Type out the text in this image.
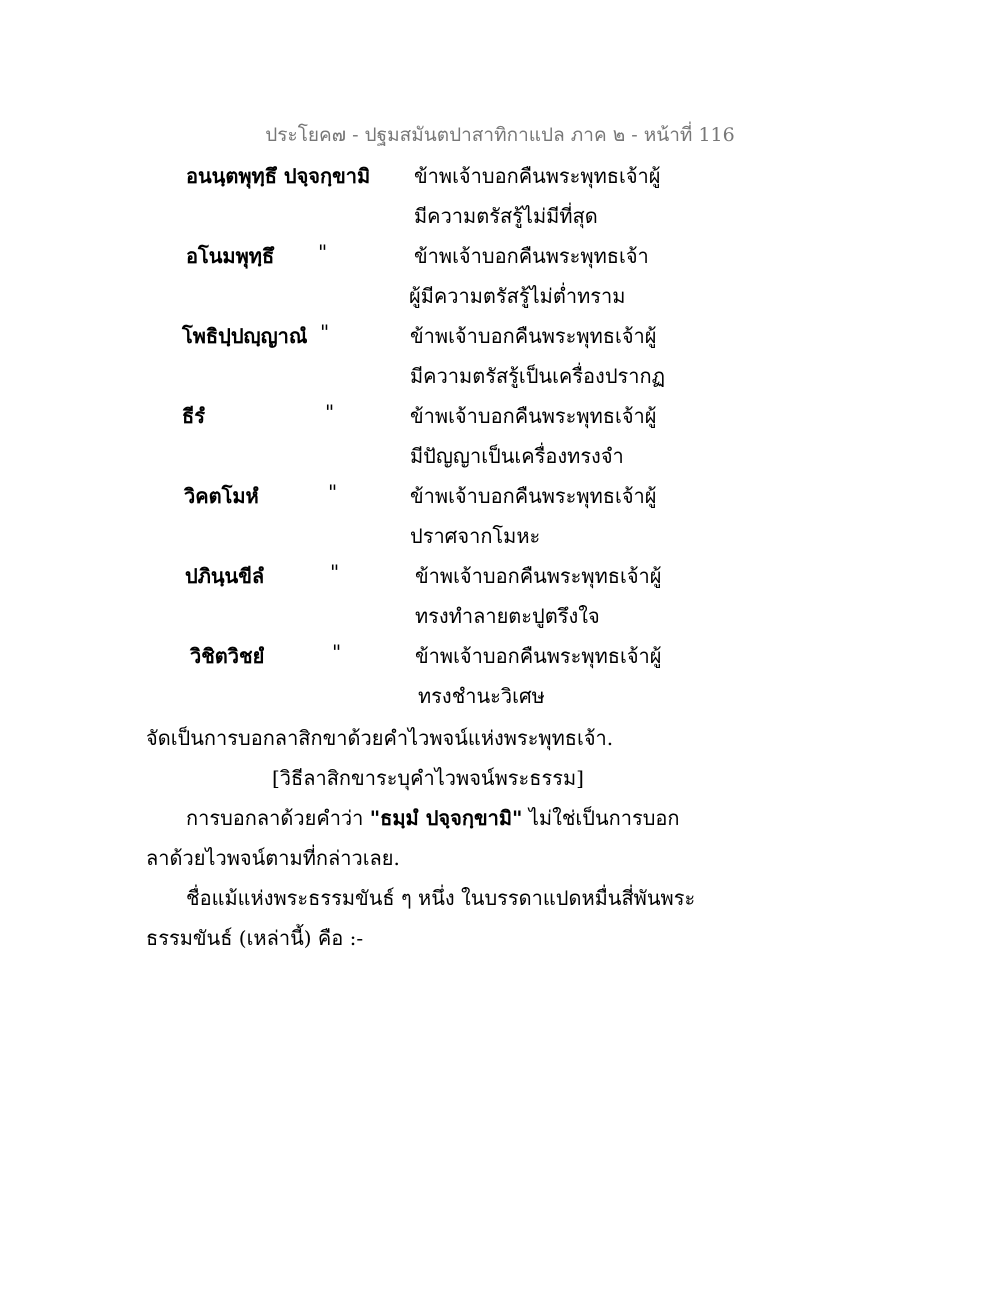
ประโยค๗ - ปฐมสมันตปาสาทิกาแปล ภาค ๒ - หน้าที่ 116
อนนฺตพุทฺธึ ปจฺจกฺขามิ ข้าพเจ้าบอกคืนพระพุทธเจ้าผู้
มีความตรัสรู้ไม่มีที่สุด
อโนมพุทฺธึ "	ข้าพเจ้าบอกคืนพระพุทธเจ้า
ผู้มีความตรัสรู้ไม่ต่ำทราม
โพธิปฺปญฺญาณํ "	ข้าพเจ้าบอกคืนพระพุทธเจ้าผู้
มีความตรัสรู้เป็นเครื่องปรากฏ
ธีรํ	"	ข้าพเจ้าบอกคืนพระพุทธเจ้าผู้
มีปัญญาเป็นเครื่องทรงจำ
วิคตโมหํ	"	ข้าพเจ้าบอกคืนพระพุทธเจ้าผู้
ปราศจากโมหะ
ปภินฺนขีลํ	"	ข้าพเจ้าบอกคืนพระพุทธเจ้าผู้
ทรงทำลายตะปูตรึงใจ
วิชิตวิชยํ	"	ข้าพเจ้าบอกคืนพระพุทธเจ้าผู้
ทรงชำนะวิเศษ
จัดเป็นการบอกลาสิกขาด้วยคำไวพจน์แห่งพระพุทธเจ้า.
[วิธีลาสิกขาระบุคำไวพจน์พระธรรม]
การบอกลาด้วยคำว่า "ธมฺมํ ปจฺจกฺขามิ" ไม่ใช่เป็นการบอก
ลาด้วยไวพจน์ตามที่กล่าวเลย.
ชื่อแม้แห่งพระธรรมขันธ์ ๆ หนึ่ง ในบรรดาแปดหมื่นสี่พันพระ
ธรรมขันธ์ (เหล่านี้) คือ :-
